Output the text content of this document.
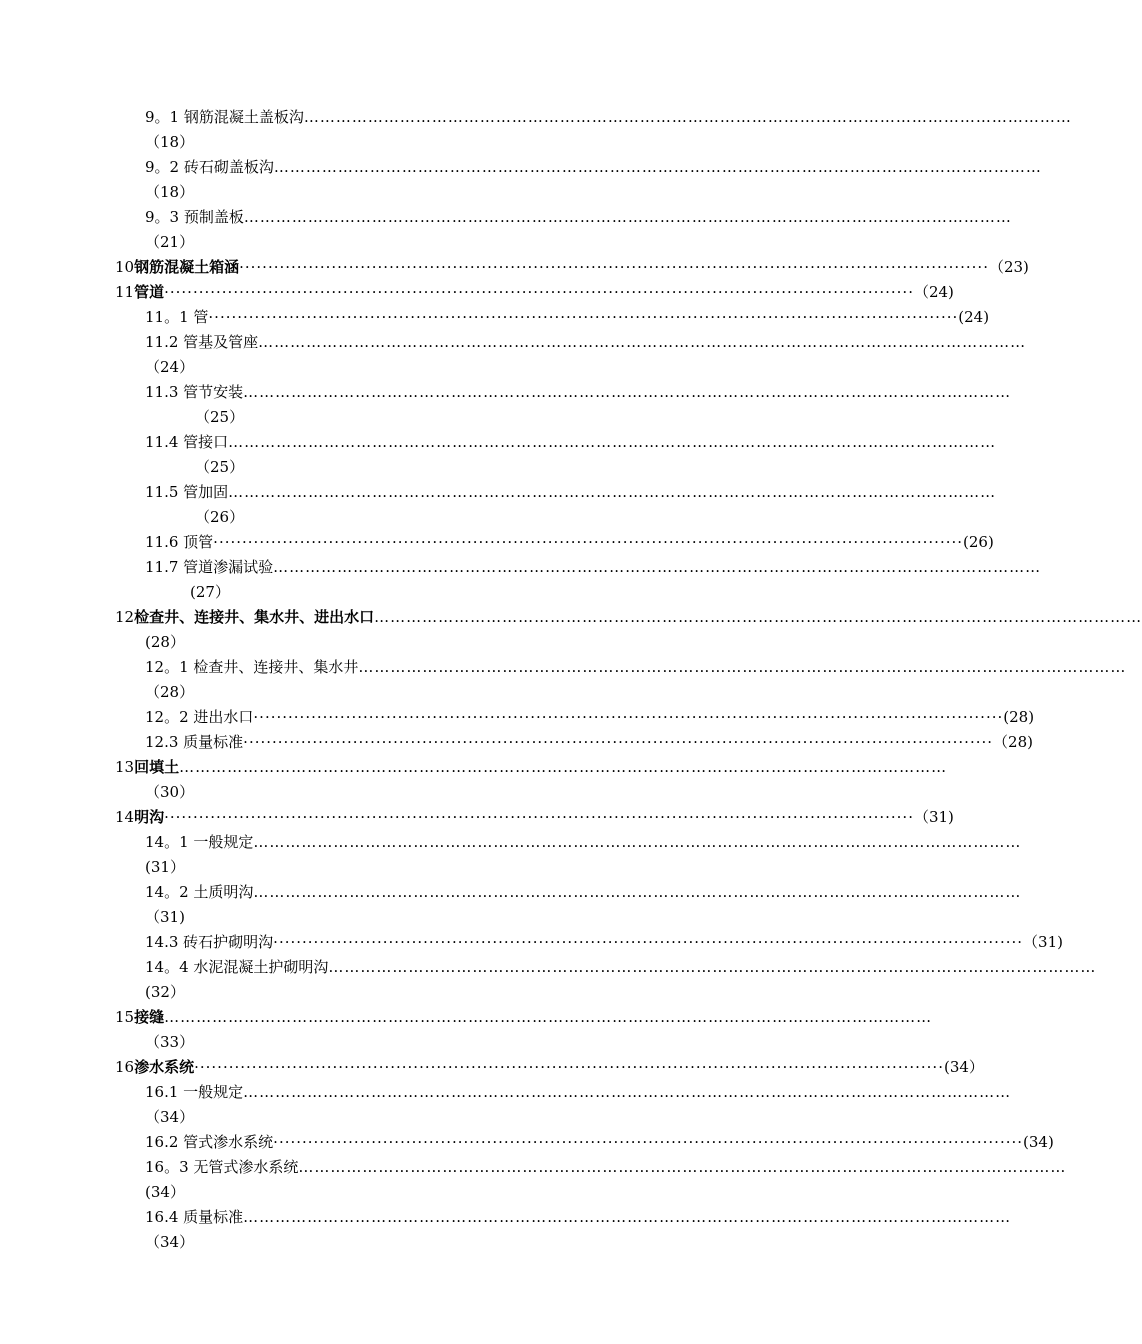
9。1 钢筋混凝土盖板沟 ………………………………………………………………………………………………………………………………
（18）
9。2 砖石砌盖板沟 ………………………………………………………………………………………………………………………………
（18）
9。3 预制盖板 ………………………………………………………………………………………………………………………………
（21）
10 钢筋混凝土箱涵 ·································································································································· （23)
11 管道 ·································································································································· （24)
11。1 管 ·································································································································· (24)
11.2 管基及管座 ………………………………………………………………………………………………………………………………
（24）
11.3 管节安装 ………………………………………………………………………………………………………………………………
（25）
11.4 管接口 ………………………………………………………………………………………………………………………………
（25）
11.5 管加固 ………………………………………………………………………………………………………………………………
（26）
11.6 顶管 ·································································································································· (26)
11.7 管道渗漏试验 ………………………………………………………………………………………………………………………………
(27）
12 检查井、连接井、集水井、进出水口 ………………………………………………………………………………………………………………………………
(28）
12。1 检查井、连接井、集水井 ………………………………………………………………………………………………………………………………
（28）
12。2 进出水口 ·································································································································· (28)
12.3 质量标准 ·································································································································· （28)
13 回填土 ………………………………………………………………………………………………………………………………
（30）
14 明沟 ·································································································································· （31)
14。1 一般规定 ………………………………………………………………………………………………………………………………
(31）
14。2 土质明沟 ………………………………………………………………………………………………………………………………
（31)
14.3 砖石护砌明沟 ·································································································································· （31)
14。4 水泥混凝土护砌明沟 ………………………………………………………………………………………………………………………………
(32）
15 接缝 ………………………………………………………………………………………………………………………………
（33）
16 渗水系统 ·································································································································· (34）
16.1 一般规定 ………………………………………………………………………………………………………………………………
（34）
16.2 管式渗水系统 ·································································································································· (34)
16。3 无管式渗水系统 ………………………………………………………………………………………………………………………………
(34）
16.4 质量标准 ………………………………………………………………………………………………………………………………
（34）
